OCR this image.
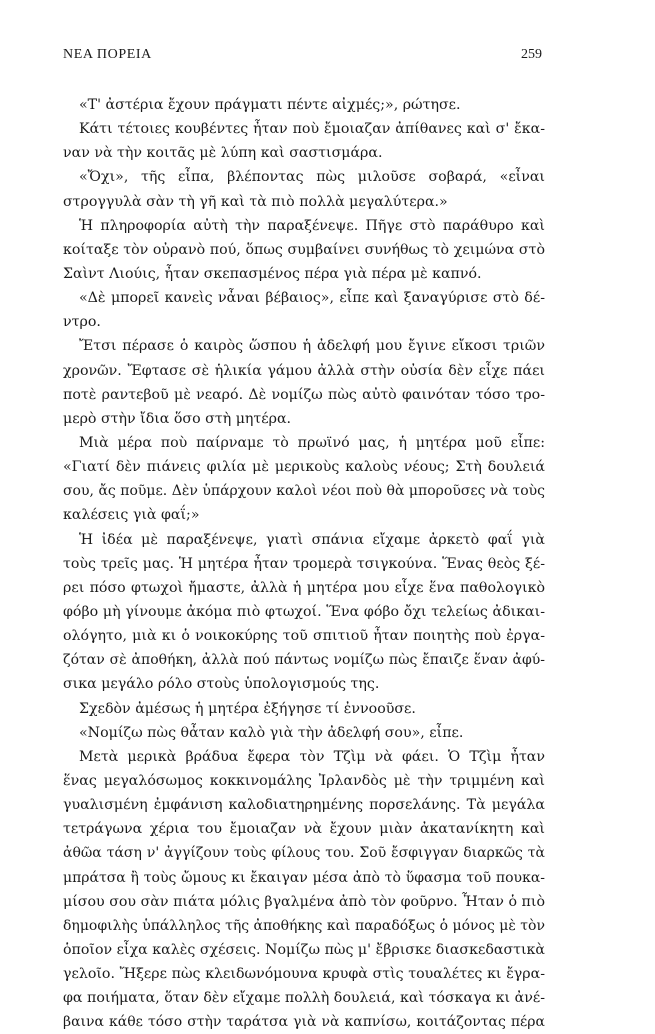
ΝΕΑ ΠΟΡΕΙΑ	259
«Τ' ἀστέρια ἔχουν πράγματι πέντε αἰχμές;», ρώτησε.
Κάτι τέτοιες κουβέντες ἦταν ποὺ ἔμοιαζαν ἀπίθανες καὶ σ' ἔκα-
ναν νὰ τὴν κοιτᾶς μὲ λύπη καὶ σαστισμάρα.
«Ὄχι», τῆς εἶπα, βλέποντας πὼς μιλοῦσε σοβαρά, «εἶναι
στρογγυλὰ σὰν τὴ γῆ καὶ τὰ πιὸ πολλὰ μεγαλύτερα.»
Ἡ πληροφορία αὐτὴ τὴν παραξένεψε. Πῆγε στὸ παράθυρο καὶ
κοίταξε τὸν οὐρανὸ πού, ὅπως συμβαίνει συνήθως τὸ χειμώνα στὸ
Σαὶντ Λιούις, ἦταν σκεπασμένος πέρα γιὰ πέρα μὲ καπνό.
«Δὲ μπορεῖ κανεὶς νἆναι βέβαιος», εἶπε καὶ ξαναγύρισε στὸ δέ-
ντρο.
Ἔτσι πέρασε ὁ καιρὸς ὥσπου ἡ ἀδελφή μου ἔγινε εἴκοσι τριῶν
χρονῶν. Ἔφτασε σὲ ἡλικία γάμου ἀλλὰ στὴν οὐσία δὲν εἶχε πάει
ποτὲ ραντεβοῦ μὲ νεαρό. Δὲ νομίζω πὼς αὐτὸ φαινόταν τόσο τρο-
μερὸ στὴν ἴδια ὅσο στὴ μητέρα.
Μιὰ μέρα ποὺ παίρναμε τὸ πρωϊνό μας, ἡ μητέρα μοῦ εἶπε:
«Γιατί δὲν πιάνεις φιλία μὲ μερικοὺς καλοὺς νέους; Στὴ δουλειά
σου, ἄς ποῦμε. Δὲν ὑπάρχουν καλοὶ νέοι ποὺ θὰ μποροῦσες νὰ τοὺς
καλέσεις γιὰ φαΐ;»
Ἡ ἰδέα μὲ παραξένεψε, γιατὶ σπάνια εἴχαμε ἀρκετὸ φαΐ γιὰ
τοὺς τρεῖς μας. Ἡ μητέρα ἦταν τρομερὰ τσιγκούνα. Ἕνας θεὸς ξέ-
ρει πόσο φτωχοὶ ἤμαστε, ἀλλὰ ἡ μητέρα μου εἶχε ἕνα παθολογικὸ
φόβο μὴ γίνουμε ἀκόμα πιὸ φτωχοί. Ἕνα φόβο ὄχι τελείως ἀδικαι-
ολόγητο, μιὰ κι ὁ νοικοκύρης τοῦ σπιτιοῦ ἦταν ποιητὴς ποὺ ἐργα-
ζόταν σὲ ἀποθήκη, ἀλλὰ πού πάντως νομίζω πὼς ἔπαιζε ἕναν ἀφύ-
σικα μεγάλο ρόλο στοὺς ὑπολογισμούς της.
Σχεδὸν ἀμέσως ἡ μητέρα ἐξήγησε τί ἐννοοῦσε.
«Νομίζω πὼς θἆταν καλὸ γιὰ τὴν ἀδελφή σου», εἶπε.
Μετὰ μερικὰ βράδυα ἔφερα τὸν Τζὶμ νὰ φάει. Ὁ Τζὶμ ἦταν
ἕνας μεγαλόσωμος κοκκινομάλης Ἰρλανδὸς μὲ τὴν τριμμένη καὶ
γυαλισμένη ἐμφάνιση καλοδιατηρημένης πορσελάνης. Τὰ μεγάλα
τετράγωνα χέρια του ἔμοιαζαν νὰ ἔχουν μιὰν ἀκατανίκητη καὶ
ἀθῶα τάση ν' ἀγγίζουν τοὺς φίλους του. Σοῦ ἔσφιγγαν διαρκῶς τὰ
μπράτσα ἢ τοὺς ὤμους κι ἔκαιγαν μέσα ἀπὸ τὸ ὕφασμα τοῦ πουκα-
μίσου σου σὰν πιάτα μόλις βγαλμένα ἀπὸ τὸν φοῦρνο. Ἦταν ὁ πιὸ
δημοφιλὴς ὑπάλληλος τῆς ἀποθήκης καὶ παραδόξως ὁ μόνος μὲ τὸν
ὁποῖον εἶχα καλὲς σχέσεις. Νομίζω πὼς μ' ἔβρισκε διασκεδαστικὰ
γελοῖο. Ἤξερε πὼς κλειδωνόμουνα κρυφὰ στὶς τουαλέτες κι ἔγρα-
φα ποιήματα, ὅταν δὲν εἴχαμε πολλὴ δουλειά, καὶ τόσκαγα κι ἀνέ-
βαινα κάθε τόσο στὴν ταράτσα γιὰ νὰ καπνίσω, κοιτάζοντας πέρα
